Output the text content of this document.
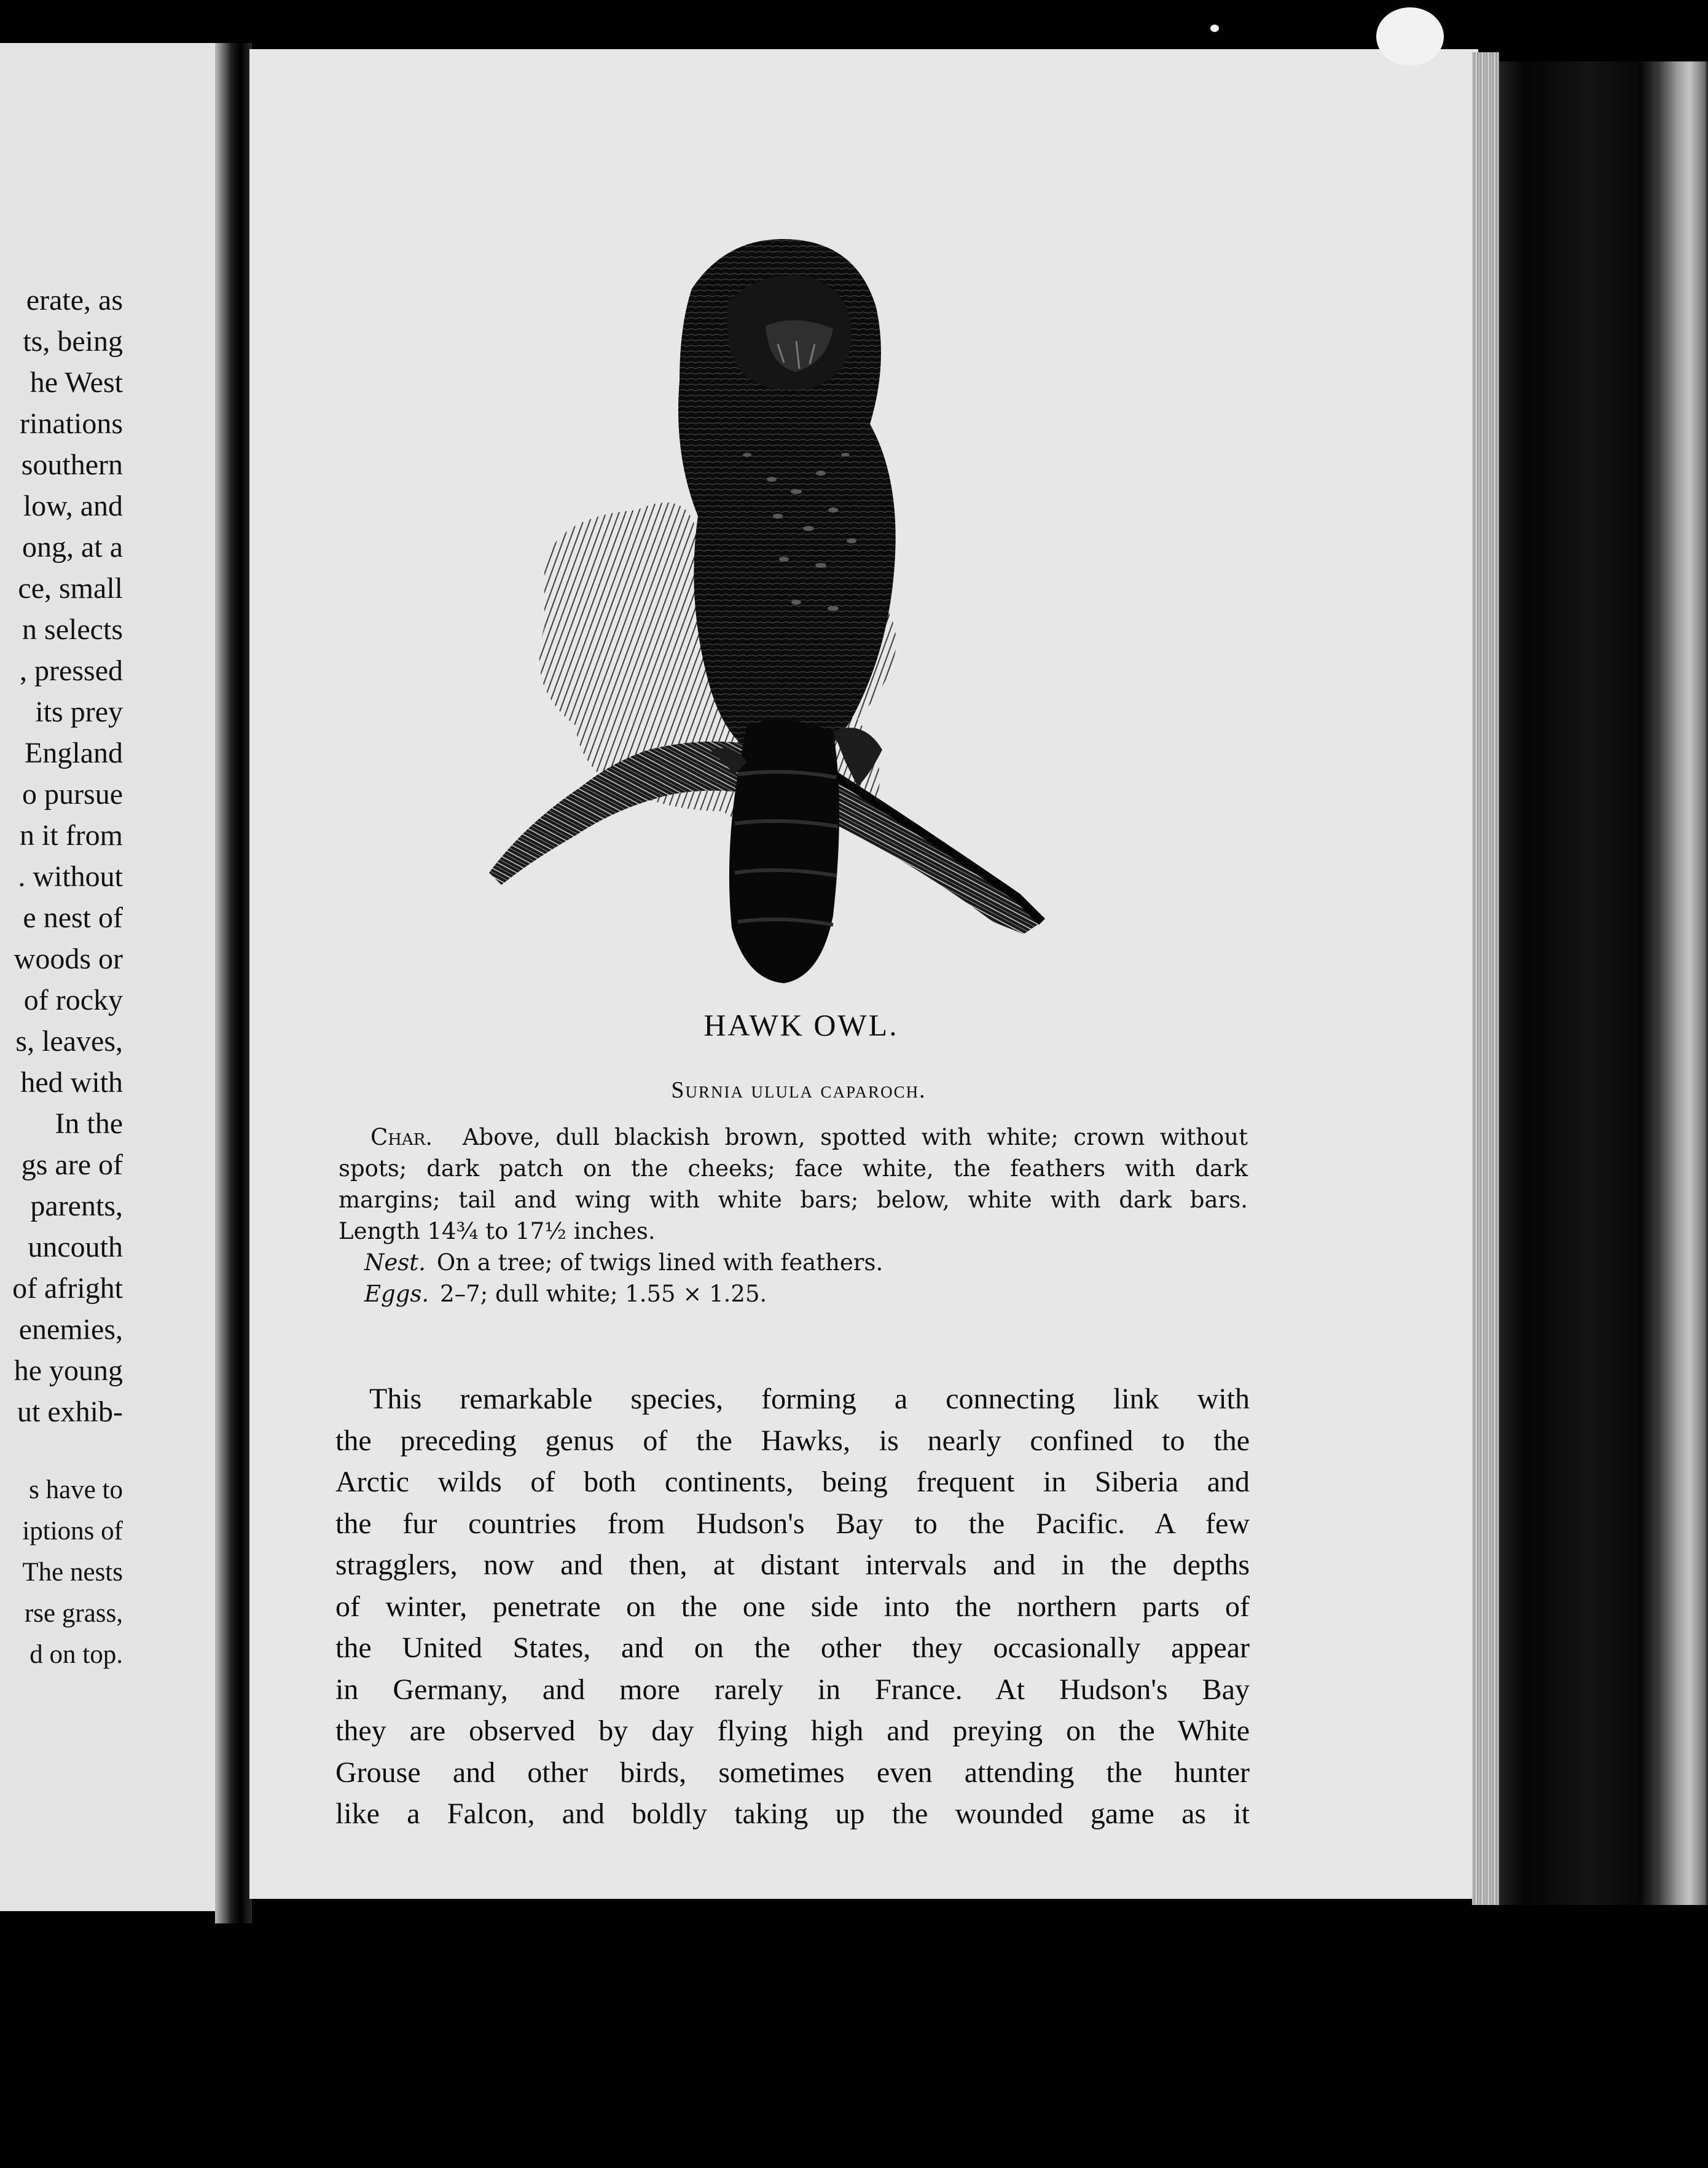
erate, as
ts, being
he West
rinations
southern
low, and
ong, at a
ce, small
n selects
, pressed
its prey
England
o pursue
n it from
. without
e nest of
woods or
of rocky
s, leaves,
hed with
In the
gs are of
parents,
uncouth
of afright
enemies,
he young
ut exhib-
s have to
iptions of
The nests
rse grass,
d on top.
HAWK OWL.
Surnia ulula caparoch.
Char. Above, dull blackish brown, spotted with white; crown without
spots; dark patch on the cheeks; face white, the feathers with dark
margins; tail and wing with white bars; below, white with dark bars.
Length 14¾ to 17½ inches.
Nest. On a tree; of twigs lined with feathers.
Eggs. 2–7; dull white; 1.55 × 1.25.
This remarkable species, forming a connecting link with
the preceding genus of the Hawks, is nearly confined to the
Arctic wilds of both continents, being frequent in Siberia and
the fur countries from Hudson's Bay to the Pacific. A few
stragglers, now and then, at distant intervals and in the depths
of winter, penetrate on the one side into the northern parts of
the United States, and on the other they occasionally appear
in Germany, and more rarely in France. At Hudson's Bay
they are observed by day flying high and preying on the White
Grouse and other birds, sometimes even attending the hunter
like a Falcon, and boldly taking up the wounded game as it
